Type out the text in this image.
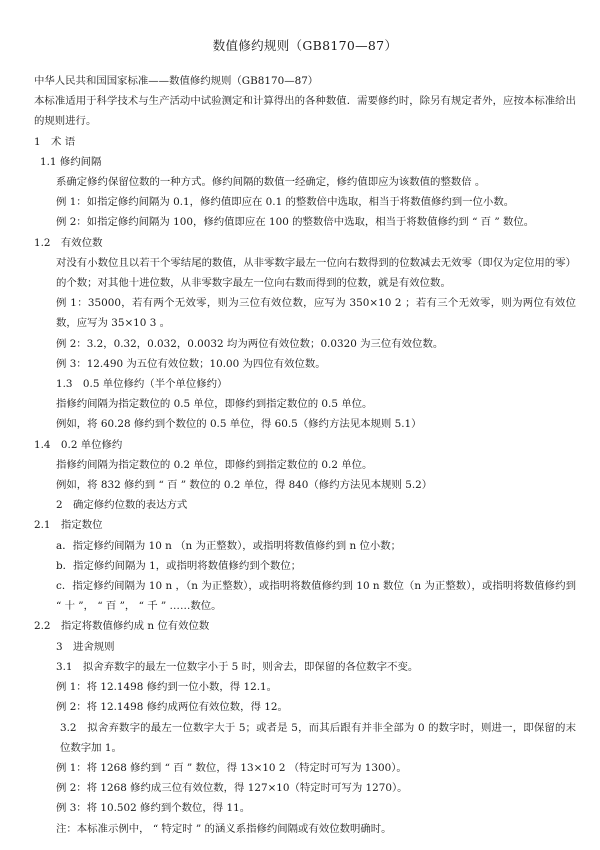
数值修约规则（GB8170—87）

中华人民共和国国家标准——数值修约规则（GB8170—87）

本标准适用于科学技术与生产活动中试验测定和计算得出的各种数值．需要修约时，除另有规定者外，应按本标准给出的规则进行。

1　术 语

1.1 修约间隔

系确定修约保留位数的一种方式。修约间隔的数值一经确定，修约值即应为该数值的整数倍 。

例 1：如指定修约间隔为 0.1，修约值即应在 0.1 的整数倍中选取，相当于将数值修约到一位小数。

例 2：如指定修约间隔为 100，修约值即应在 100 的整数倍中选取，相当于将数值修约到 “ 百 ” 数位。

1.2　有效位数

对没有小数位且以若干个零结尾的数值，从非零数字最左一位向右数得到的位数减去无效零（即仅为定位用的零）的个数；对其他十进位数，从非零数字最左一位向右数而得到的位数，就是有效位数。

例 1：35000，若有两个无效零，则为三位有效位数，应写为 350×10 2 ；若有三个无效零，则为两位有效位数，应写为 35×10 3 。

例 2：3.2，0.32，0.032，0.0032 均为两位有效位数；0.0320 为三位有效位数。

例 3：12.490 为五位有效位数；10.00 为四位有效位数。

1.3　0.5 单位修约（半个单位修约）

指修约间隔为指定数位的 0.5 单位，即修约到指定数位的 0.5 单位。

例如，将 60.28 修约到个数位的 0.5 单位，得 60.5（修约方法见本规则 5.1）

1.4　0.2 单位修约

指修约间隔为指定数位的 0.2 单位，即修约到指定数位的 0.2 单位。

例如，将 832 修约到 “ 百 ” 数位的 0.2 单位，得 840（修约方法见本规则 5.2）

2　确定修约位数的表达方式

2.1　指定数位

a．指定修约间隔为 10 n （n 为正整数），或指明将数值修约到 n 位小数；

b．指定修约间隔为 1，或指明将数值修约到个数位；

c．指定修约间隔为 10 n ，（n 为正整数），或指明将数值修约到 10 n 数位（n 为正整数），或指明将数值修约到 “ 十 ”， “ 百 ”， “ 千 ” ……数位。

2.2　指定将数值修约成 n 位有效位数

3　进舍规则

3.1　拟舍弃数字的最左一位数字小于 5 时，则舍去，即保留的各位数字不变。

例 1：将 12.1498 修约到一位小数，得 12.1。

例 2：将 12.1498 修约成两位有效位数，得 12。

3.2　拟舍弃数字的最左一位数字大于 5；或者是 5，而其后跟有并非全部为 0 的数字时，则进一，即保留的末位数字加 1。

例 1：将 1268 修约到 “ 百 ” 数位，得 13×10 2 （特定时可写为 1300）。

例 2：将 1268 修约成三位有效位数，得 127×10（特定时可写为 1270）。

例 3：将 10.502 修约到个数位，得 11。

注：本标准示例中， “ 特定时 ” 的涵义系指修约间隔或有效位数明确时。
